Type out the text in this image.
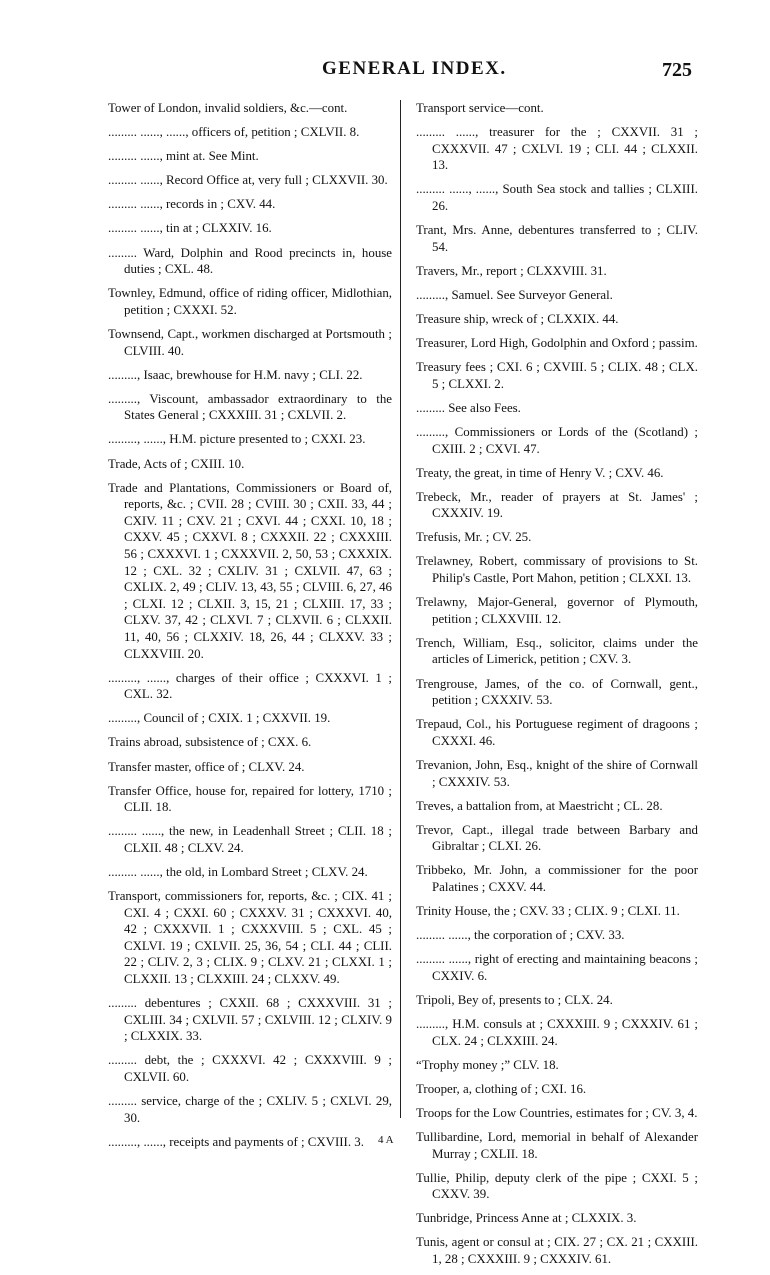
GENERAL INDEX.	725

Tower of London, invalid soldiers, &c.—cont.

......... ......, ......, officers of, petition ; CXLVII. 8.

......... ......, mint at. See Mint.

......... ......, Record Office at, very full ; CLXXVII. 30.

......... ......, records in ; CXV. 44.

......... ......, tin at ; CLXXIV. 16.

......... Ward, Dolphin and Rood precincts in, house duties ; CXL. 48.

Townley, Edmund, office of riding officer, Midlothian, petition ; CXXXI. 52.

Townsend, Capt., workmen discharged at Portsmouth ; CLVIII. 40.

........., Isaac, brewhouse for H.M. navy ; CLI. 22.

........., Viscount, ambassador extraordinary to the States General ; CXXXIII. 31 ; CXLVII. 2.

........., ......, H.M. picture presented to ; CXXI. 23.

Trade, Acts of ; CXIII. 10.

Trade and Plantations, Commissioners or Board of, reports, &c. ; CVII. 28 ; CVIII. 30 ; CXII. 33, 44 ; CXIV. 11 ; CXV. 21 ; CXVI. 44 ; CXXI. 10, 18 ; CXXV. 45 ; CXXVI. 8 ; CXXXII. 22 ; CXXXIII. 56 ; CXXXVI. 1 ; CXXXVII. 2, 50, 53 ; CXXXIX. 12 ; CXL. 32 ; CXLIV. 31 ; CXLVII. 47, 63 ; CXLIX. 2, 49 ; CLIV. 13, 43, 55 ; CLVIII. 6, 27, 46 ; CLXI. 12 ; CLXII. 3, 15, 21 ; CLXIII. 17, 33 ; CLXV. 37, 42 ; CLXVI. 7 ; CLXVII. 6 ; CLXXII. 11, 40, 56 ; CLXXIV. 18, 26, 44 ; CLXXV. 33 ; CLXXVIII. 20.

........., ......, charges of their office ; CXXXVI. 1 ; CXL. 32.

........., Council of ; CXIX. 1 ; CXXVII. 19.

Trains abroad, subsistence of ; CXX. 6.

Transfer master, office of ; CLXV. 24.

Transfer Office, house for, repaired for lottery, 1710 ; CLII. 18.

......... ......, the new, in Leadenhall Street ; CLII. 18 ; CLXII. 48 ; CLXV. 24.

......... ......, the old, in Lombard Street ; CLXV. 24.

Transport, commissioners for, reports, &c. ; CIX. 41 ; CXI. 4 ; CXXI. 60 ; CXXXV. 31 ; CXXXVI. 40, 42 ; CXXXVII. 1 ; CXXXVIII. 5 ; CXL. 45 ; CXLVI. 19 ; CXLVII. 25, 36, 54 ; CLI. 44 ; CLII. 22 ; CLIV. 2, 3 ; CLIX. 9 ; CLXV. 21 ; CLXXI. 1 ; CLXXII. 13 ; CLXXIII. 24 ; CLXXV. 49.

......... debentures ; CXXII. 68 ; CXXXVIII. 31 ; CXLIII. 34 ; CXLVII. 57 ; CXLVIII. 12 ; CLXIV. 9 ; CLXXIX. 33.

......... debt, the ; CXXXVI. 42 ; CXXXVIII. 9 ; CXLVII. 60.

......... service, charge of the ; CXLIV. 5 ; CXLVI. 29, 30.

........., ......, receipts and payments of ; CXVIII. 3.

Transport service—cont.

......... ......, treasurer for the ; CXXVII. 31 ; CXXXVII. 47 ; CXLVI. 19 ; CLI. 44 ; CLXXII. 13.

......... ......, ......, South Sea stock and tallies ; CLXIII. 26.

Trant, Mrs. Anne, debentures transferred to ; CLIV. 54.

Travers, Mr., report ; CLXXVIII. 31.

........., Samuel. See Surveyor General.

Treasure ship, wreck of ; CLXXIX. 44.

Treasurer, Lord High, Godolphin and Oxford ; passim.

Treasury fees ; CXI. 6 ; CXVIII. 5 ; CLIX. 48 ; CLX. 5 ; CLXXI. 2.

......... See also Fees.

........., Commissioners or Lords of the (Scotland) ; CXIII. 2 ; CXVI. 47.

Treaty, the great, in time of Henry V. ; CXV. 46.

Trebeck, Mr., reader of prayers at St. James' ; CXXXIV. 19.

Trefusis, Mr. ; CV. 25.

Trelawney, Robert, commissary of provisions to St. Philip's Castle, Port Mahon, petition ; CLXXI. 13.

Trelawny, Major-General, governor of Plymouth, petition ; CLXXVIII. 12.

Trench, William, Esq., solicitor, claims under the articles of Limerick, petition ; CXV. 3.

Trengrouse, James, of the co. of Cornwall, gent., petition ; CXXXIV. 53.

Trepaud, Col., his Portuguese regiment of dragoons ; CXXXI. 46.

Trevanion, John, Esq., knight of the shire of Cornwall ; CXXXIV. 53.

Treves, a battalion from, at Maestricht ; CL. 28.

Trevor, Capt., illegal trade between Barbary and Gibraltar ; CLXI. 26.

Tribbeko, Mr. John, a commissioner for the poor Palatines ; CXXV. 44.

Trinity House, the ; CXV. 33 ; CLIX. 9 ; CLXI. 11.

......... ......, the corporation of ; CXV. 33.

......... ......, right of erecting and maintaining beacons ; CXXIV. 6.

Tripoli, Bey of, presents to ; CLX. 24.

........., H.M. consuls at ; CXXXIII. 9 ; CXXXIV. 61 ; CLX. 24 ; CLXXIII. 24.

“Trophy money ;” CLV. 18.

Trooper, a, clothing of ; CXI. 16.

Troops for the Low Countries, estimates for ; CV. 3, 4.

Tullibardine, Lord, memorial in behalf of Alexander Murray ; CXLII. 18.

Tullie, Philip, deputy clerk of the pipe ; CXXI. 5 ; CXXV. 39.

Tunbridge, Princess Anne at ; CLXXIX. 3.

Tunis, agent or consul at ; CIX. 27 ; CX. 21 ; CXXIII. 1, 28 ; CXXXIII. 9 ; CXXXIV. 61.

4 A
